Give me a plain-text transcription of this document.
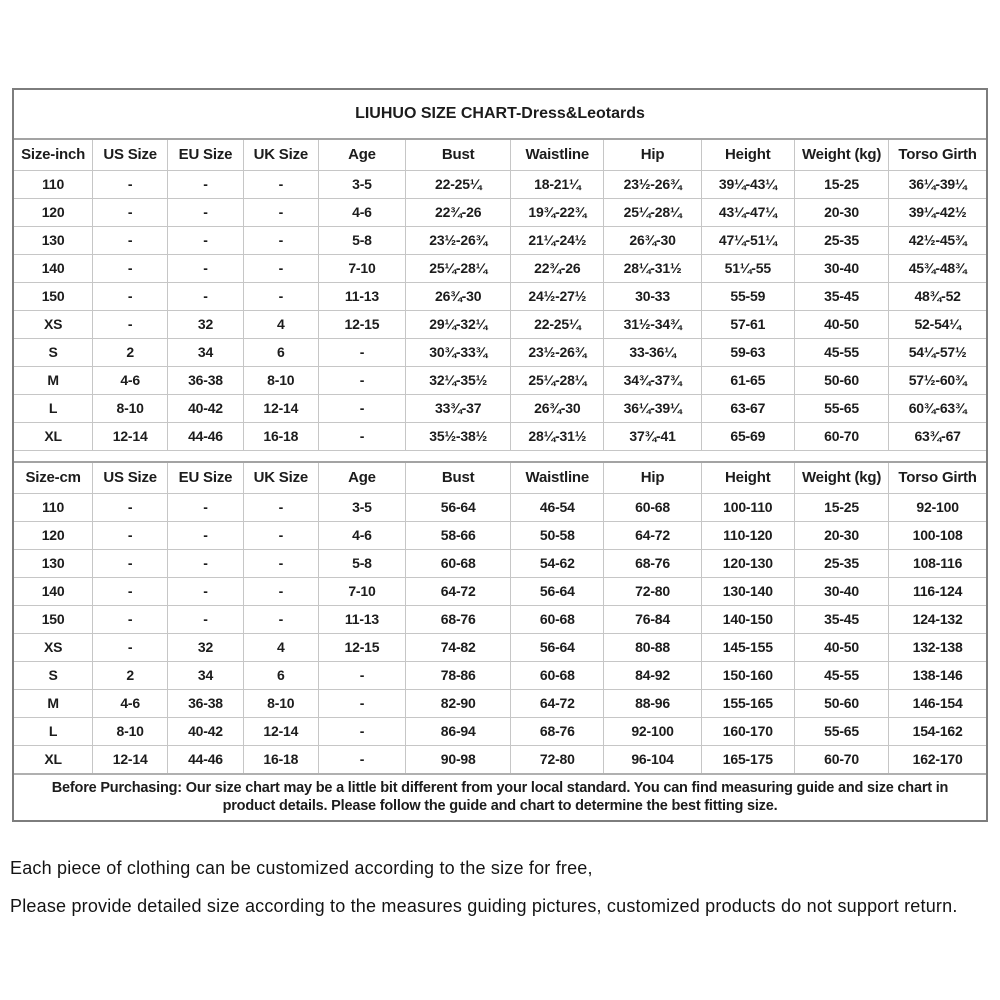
LIUHUO SIZE CHART-Dress&Leotards
Size-inch	US Size	EU Size	UK Size	Age	Bust	Waistline	Hip	Height	Weight (kg)	Torso Girth
110	-	-	-	3-5	22-25¼	18-21¼	23½-26¾	39¼-43¼	15-25	36¼-39¼
120	-	-	-	4-6	22¾-26	19¾-22¾	25¼-28¼	43¼-47¼	20-30	39¼-42½
130	-	-	-	5-8	23½-26¾	21¼-24½	26¾-30	47¼-51¼	25-35	42½-45¾
140	-	-	-	7-10	25¼-28¼	22¾-26	28¼-31½	51¼-55	30-40	45¾-48¾
150	-	-	-	11-13	26¾-30	24½-27½	30-33	55-59	35-45	48¾-52
XS	-	32	4	12-15	29¼-32¼	22-25¼	31½-34¾	57-61	40-50	52-54¼
S	2	34	6	-	30¾-33¾	23½-26¾	33-36¼	59-63	45-55	54¼-57½
M	4-6	36-38	8-10	-	32¼-35½	25¼-28¼	34¾-37¾	61-65	50-60	57½-60¾
L	8-10	40-42	12-14	-	33¾-37	26¾-30	36¼-39¼	63-67	55-65	60¾-63¾
XL	12-14	44-46	16-18	-	35½-38½	28¼-31½	37¾-41	65-69	60-70	63¾-67
Size-cm	US Size	EU Size	UK Size	Age	Bust	Waistline	Hip	Height	Weight (kg)	Torso Girth
110	-	-	-	3-5	56-64	46-54	60-68	100-110	15-25	92-100
120	-	-	-	4-6	58-66	50-58	64-72	110-120	20-30	100-108
130	-	-	-	5-8	60-68	54-62	68-76	120-130	25-35	108-116
140	-	-	-	7-10	64-72	56-64	72-80	130-140	30-40	116-124
150	-	-	-	11-13	68-76	60-68	76-84	140-150	35-45	124-132
XS	-	32	4	12-15	74-82	56-64	80-88	145-155	40-50	132-138
S	2	34	6	-	78-86	60-68	84-92	150-160	45-55	138-146
M	4-6	36-38	8-10	-	82-90	64-72	88-96	155-165	50-60	146-154
L	8-10	40-42	12-14	-	86-94	68-76	92-100	160-170	55-65	154-162
XL	12-14	44-46	16-18	-	90-98	72-80	96-104	165-175	60-70	162-170
Before Purchasing: Our size chart may be a little bit different from your local standard. You can find measuring guide and size chart in
product details. Please follow the guide and chart to determine the best fitting size.
Each piece of clothing can be customized according to the size for free,
Please provide detailed size according to the measures guiding pictures, customized products do not support return.
